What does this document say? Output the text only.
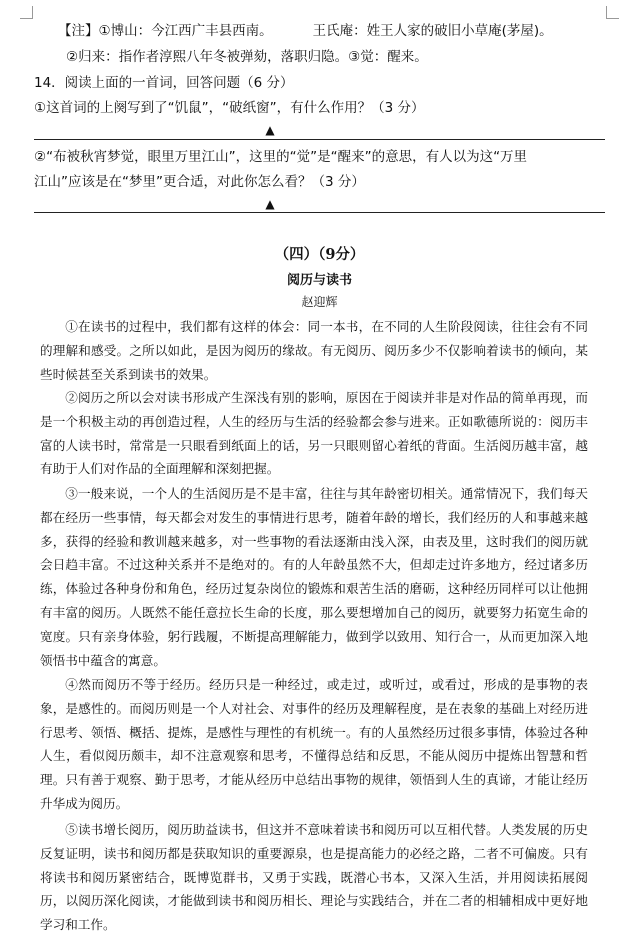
【注】①博山：今江西广丰县西南。	王氏庵：姓王人家的破旧小草庵(茅屋)。
②归来：指作者淳熙八年冬被弹劾，落职归隐。③觉：醒来。
14．阅读上面的一首词，回答问题（6 分）
①这首词的上阕写到了“饥鼠”，“破纸窗”，有什么作用？（3 分）
▲
②“布被秋宵梦觉，眼里万里江山”，这里的“觉”是“醒来”的意思，有人以为这“万里
江山”应该是在“梦里”更合适，对此你怎么看？（3 分）
▲
（四）（9分）
阅历与读书
赵迎辉

①在读书的过程中，我们都有这样的体会：同一本书，在不同的人生阶段阅读，往往会有不同的理解和感受。之所以如此，是因为阅历的缘故。有无阅历、阅历多少不仅影响着读书的倾向，某些时候甚至关系到读书的效果。

②阅历之所以会对读书形成产生深浅有别的影响，原因在于阅读并非是对作品的简单再现，而是一个积极主动的再创造过程，人生的经历与生活的经验都会参与进来。正如歌德所说的：阅历丰富的人读书时，常常是一只眼看到纸面上的话，另一只眼则留心着纸的背面。生活阅历越丰富，越有助于人们对作品的全面理解和深刻把握。

③一般来说，一个人的生活阅历是不是丰富，往往与其年龄密切相关。通常情况下，我们每天都在经历一些事情，每天都会对发生的事情进行思考，随着年龄的增长，我们经历的人和事越来越多，获得的经验和教训越来越多，对一些事物的看法逐渐由浅入深，由表及里，这时我们的阅历就会日趋丰富。不过这种关系并不是绝对的。有的人年龄虽然不大，但却走过许多地方，经过诸多历练，体验过各种身份和角色，经历过复杂岗位的锻炼和艰苦生活的磨砺，这种经历同样可以让他拥有丰富的阅历。人既然不能任意拉长生命的长度，那么要想增加自己的阅历，就要努力拓宽生命的宽度。只有亲身体验，躬行践履，不断提高理解能力，做到学以致用、知行合一，从而更加深入地领悟书中蕴含的寓意。

④然而阅历不等于经历。经历只是一种经过，或走过，或听过，或看过，形成的是事物的表象，是感性的。而阅历则是一个人对社会、对事件的经历及理解程度，是在表象的基础上对经历进行思考、领悟、概括、提炼，是感性与理性的有机统一。有的人虽然经历过很多事情，体验过各种人生，看似阅历颇丰，却不注意观察和思考，不懂得总结和反思，不能从阅历中提炼出智慧和哲理。只有善于观察、勤于思考，才能从经历中总结出事物的规律，领悟到人生的真谛，才能让经历升华成为阅历。

⑤读书增长阅历，阅历助益读书，但这并不意味着读书和阅历可以互相代替。人类发展的历史反复证明，读书和阅历都是获取知识的重要源泉，也是提高能力的必经之路，二者不可偏废。只有将读书和阅历紧密结合，既博览群书，又勇于实践，既潜心书本，又深入生活，并用阅读拓展阅历，以阅历深化阅读，才能做到读书和阅历相长、理论与实践结合，并在二者的相辅相成中更好地学习和工作。
